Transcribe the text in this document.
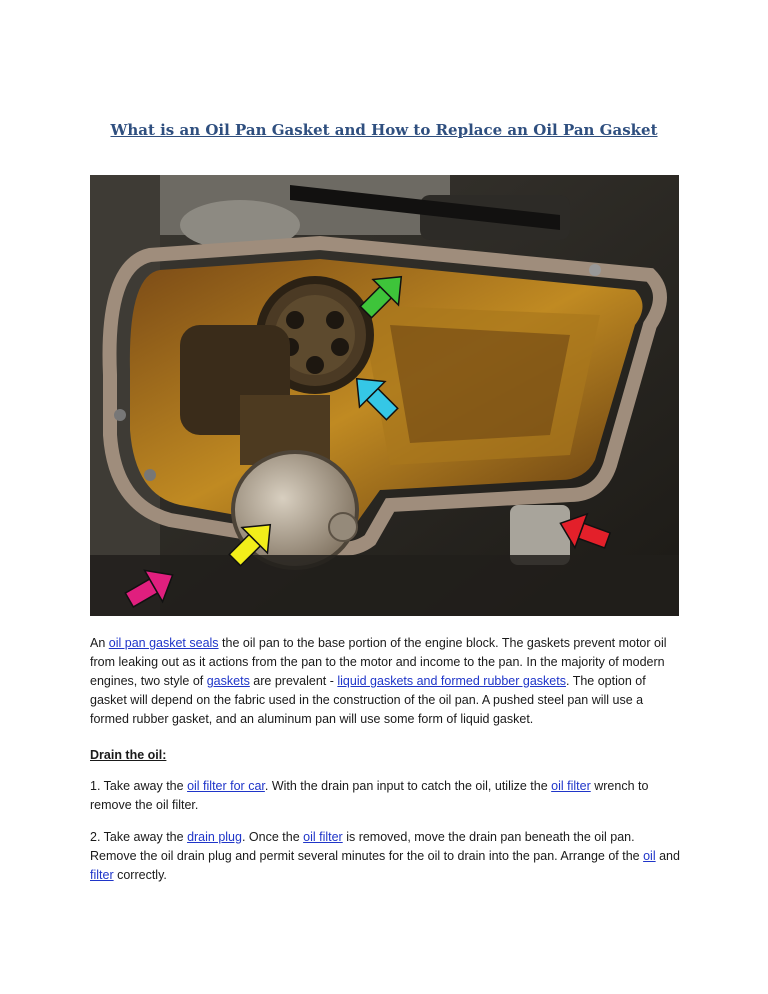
What is an Oil Pan Gasket and How to Replace an Oil Pan Gasket

An oil pan gasket seals the oil pan to the base portion of the engine block. The gaskets prevent motor oil from leaking out as it actions from the pan to the motor and income to the pan. In the majority of modern engines, two style of gaskets are prevalent - liquid gaskets and formed rubber gaskets. The option of gasket will depend on the fabric used in the construction of the oil pan. A pushed steel pan will use a formed rubber gasket, and an aluminum pan will use some form of liquid gasket.

Drain the oil:

1. Take away the oil filter for car. With the drain pan input to catch the oil, utilize the oil filter wrench to remove the oil filter.

2. Take away the drain plug. Once the oil filter is removed, move the drain pan beneath the oil pan. Remove the oil drain plug and permit several minutes for the oil to drain into the pan. Arrange of the oil and filter correctly.
